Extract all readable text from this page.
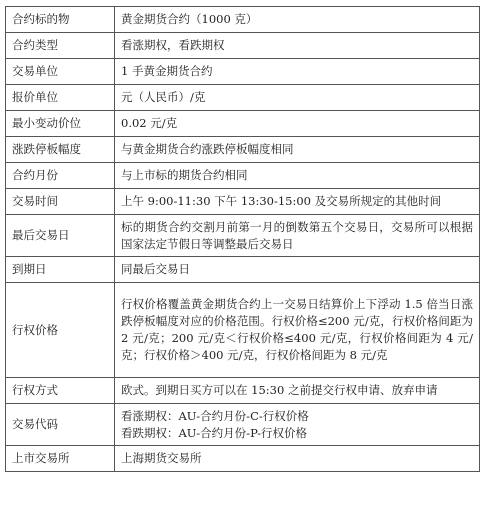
合约标的物	黄金期货合约（1000 克）

合约类型	看涨期权，看跌期权

交易单位	1 手黄金期货合约

报价单位	元（人民币）/克

最小变动价位	0.02 元/克

涨跌停板幅度	与黄金期货合约涨跌停板幅度相同

合约月份	与上市标的期货合约相同

交易时间	上午 9:00-11:30 下午 13:30-15:00 及交易所规定的其他时间

最后交易日	标的期货合约交割月前第一月的倒数第五个交易日，交易所可以根据国家法定节假日等调整最后交易日

到期日	同最后交易日

行权价格	行权价格覆盖黄金期货合约上一交易日结算价上下浮动 1.5 倍当日涨跌停板幅度对应的价格范围。行权价格≤200 元/克，行权价格间距为 2 元/克；200 元/克＜行权价格≤400 元/克，行权价格间距为 4 元/克；行权价格＞400 元/克，行权价格间距为 8 元/克

行权方式	欧式。到期日买方可以在 15:30 之前提交行权申请、放弃申请

交易代码	看涨期权：AU-合约月份-C-行权价格
看跌期权：AU-合约月份-P-行权价格

上市交易所	上海期货交易所
